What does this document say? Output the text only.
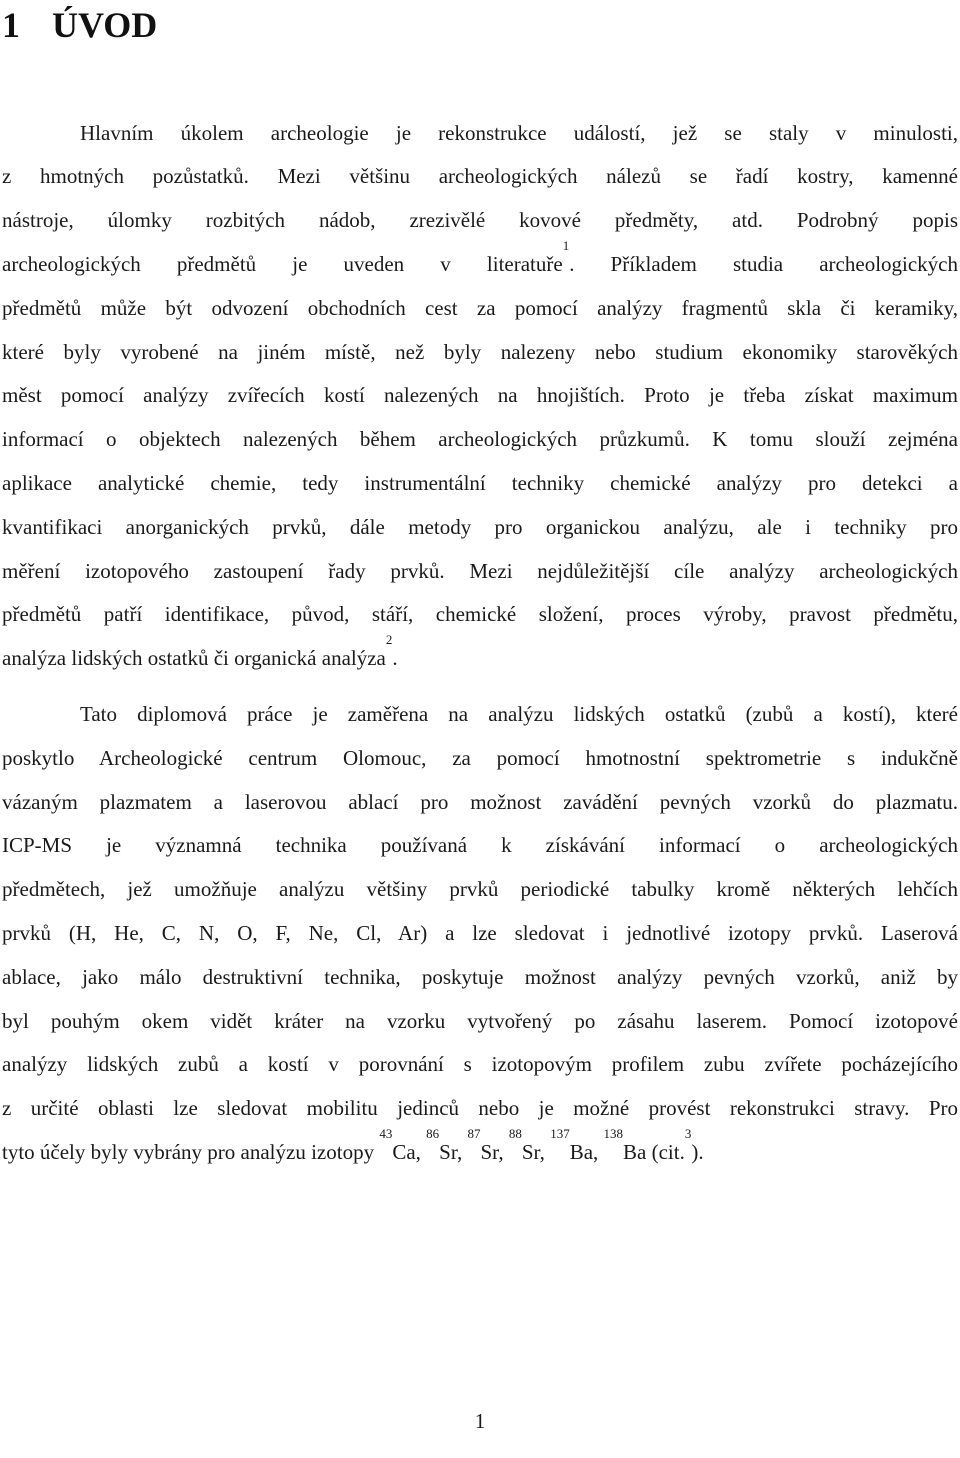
1 ÚVOD
Hlavním úkolem archeologie je rekonstrukce událostí, jež se staly v minulosti,
z hmotných pozůstatků. Mezi většinu archeologických nálezů se řadí kostry, kamenné
nástroje, úlomky rozbitých nádob, zrezivělé kovové předměty, atd. Podrobný popis
archeologických předmětů je uveden v literatuře$^1$. Příkladem studia archeologických
předmětů může být odvození obchodních cest za pomocí analýzy fragmentů skla či keramiky,
které byly vyrobené na jiném místě, než byly nalezeny nebo studium ekonomiky starověkých
měst pomocí analýzy zvířecích kostí nalezených na hnojištích. Proto je třeba získat maximum
informací o objektech nalezených během archeologických průzkumů. K tomu slouží zejména
aplikace analytické chemie, tedy instrumentální techniky chemické analýzy pro detekci a
kvantifikaci anorganických prvků, dále metody pro organickou analýzu, ale i techniky pro
měření izotopového zastoupení řady prvků. Mezi nejdůležitější cíle analýzy archeologických
předmětů patří identifikace, původ, stáří, chemické složení, proces výroby, pravost předmětu,
analýza lidských ostatků či organická analýza$^2$.
Tato diplomová práce je zaměřena na analýzu lidských ostatků (zubů a kostí), které
poskytlo Archeologické centrum Olomouc, za pomocí hmotnostní spektrometrie s indukčně
vázaným plazmatem a laserovou ablací pro možnost zavádění pevných vzorků do plazmatu.
ICP-MS je významná technika používaná k získávání informací o archeologických
předmětech, jež umožňuje analýzu většiny prvků periodické tabulky kromě některých lehčích
prvků (H, He, C, N, O, F, Ne, Cl, Ar) a lze sledovat i jednotlivé izotopy prvků. Laserová
ablace, jako málo destruktivní technika, poskytuje možnost analýzy pevných vzorků, aniž by
byl pouhým okem vidět kráter na vzorku vytvořený po zásahu laserem. Pomocí izotopové
analýzy lidských zubů a kostí v porovnání s izotopovým profilem zubu zvířete pocházejícího
z určité oblasti lze sledovat mobilitu jedinců nebo je možné provést rekonstrukci stravy. Pro
tyto účely byly vybrány pro analýzu izotopy $^{43}$Ca, $^{86}$Sr, $^{87}$Sr, $^{88}$Sr, $^{137}$Ba, $^{138}$Ba (cit.$^3$).
1
